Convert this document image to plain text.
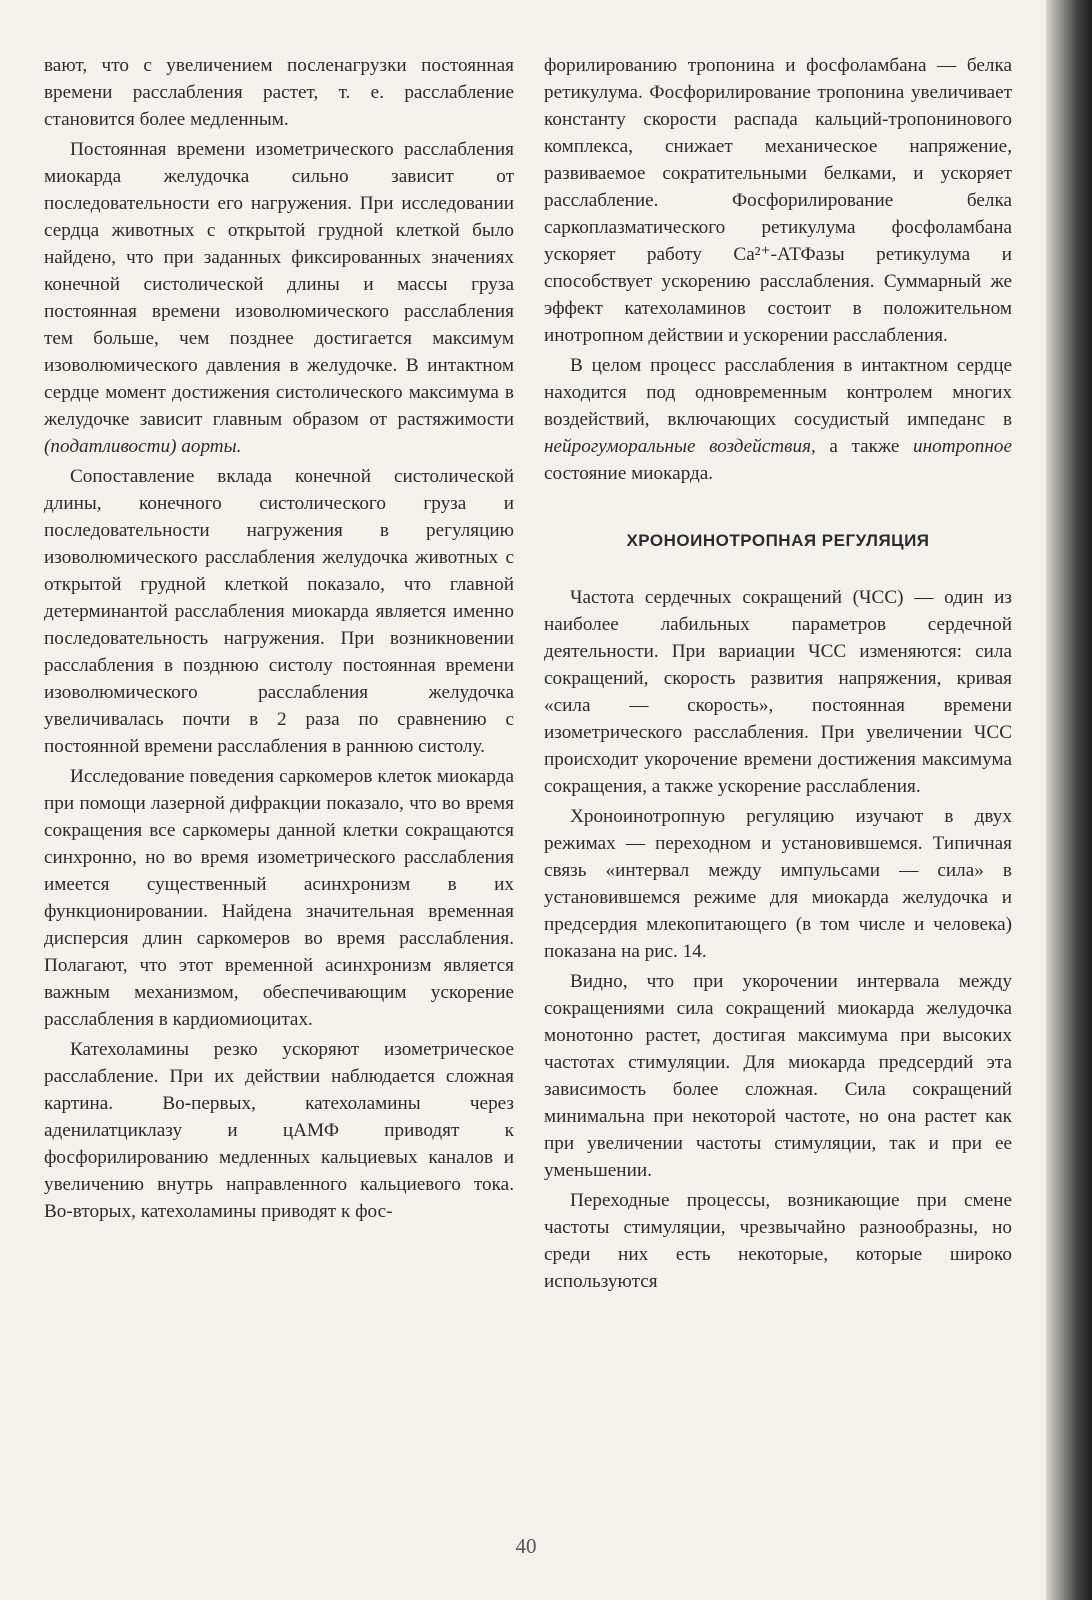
вают, что с увеличением посленагрузки постоянная времени расслабления растет, т. е. расслабление становится более медленным.

Постоянная времени изометрического расслабления миокарда желудочка сильно зависит от последовательности его нагружения. При исследовании сердца животных с открытой грудной клеткой было найдено, что при заданных фиксированных значениях конечной систолической длины и массы груза постоянная времени изоволюмического расслабления тем больше, чем позднее достигается максимум изоволюмического давления в желудочке. В интактном сердце момент достижения систолического максимума в желудочке зависит главным образом от растяжимости (податливости) аорты.

Сопоставление вклада конечной систолической длины, конечного систолического груза и последовательности нагружения в регуляцию изоволюмического расслабления желудочка животных с открытой грудной клеткой показало, что главной детерминантой расслабления миокарда является именно последовательность нагружения. При возникновении расслабления в позднюю систолу постоянная времени изоволюмического расслабления желудочка увеличивалась почти в 2 раза по сравнению с постоянной времени расслабления в раннюю систолу.

Исследование поведения саркомеров клеток миокарда при помощи лазерной дифракции показало, что во время сокращения все саркомеры данной клетки сокращаются синхронно, но во время изометрического расслабления имеется существенный асинхронизм в их функционировании. Найдена значительная временная дисперсия длин саркомеров во время расслабления. Полагают, что этот временной асинхронизм является важным механизмом, обеспечивающим ускорение расслабления в кардиомиоцитах.

Катехоламины резко ускоряют изометрическое расслабление. При их действии наблюдается сложная картина. Во-первых, катехоламины через аденилатциклазу и цАМФ приводят к фосфорилированию медленных кальциевых каналов и увеличению внутрь направленного кальциевого тока. Во-вторых, катехоламины приводят к фос-

форилированию тропонина и фосфоламбана — белка ретикулума. Фосфорилирование тропонина увеличивает константу скорости распада кальций-тропонинового комплекса, снижает механическое напряжение, развиваемое сократительными белками, и ускоряет расслабление. Фосфорилирование белка саркоплазматического ретикулума фосфоламбана ускоряет работу Са²⁺-АТФазы ретикулума и способствует ускорению расслабления. Суммарный же эффект катехоламинов состоит в положительном инотропном действии и ускорении расслабления.

В целом процесс расслабления в интактном сердце находится под одновременным контролем многих воздействий, включающих сосудистый импеданс в нейрогуморальные воздействия, а также инотропное состояние миокарда.

ХРОНОИНОТРОПНАЯ РЕГУЛЯЦИЯ

Частота сердечных сокращений (ЧСС) — один из наиболее лабильных параметров сердечной деятельности. При вариации ЧСС изменяются: сила сокращений, скорость развития напряжения, кривая «сила — скорость», постоянная времени изометрического расслабления. При увеличении ЧСС происходит укорочение времени достижения максимума сокращения, а также ускорение расслабления.

Хроноинотропную регуляцию изучают в двух режимах — переходном и установившемся. Типичная связь «интервал между импульсами — сила» в установившемся режиме для миокарда желудочка и предсердия млекопитающего (в том числе и человека) показана на рис. 14.

Видно, что при укорочении интервала между сокращениями сила сокращений миокарда желудочка монотонно растет, достигая максимума при высоких частотах стимуляции. Для миокарда предсердий эта зависимость более сложная. Сила сокращений минимальна при некоторой частоте, но она растет как при увеличении частоты стимуляции, так и при ее уменьшении.

Переходные процессы, возникающие при смене частоты стимуляции, чрезвычайно разнообразны, но среди них есть некоторые, которые широко используются

40
